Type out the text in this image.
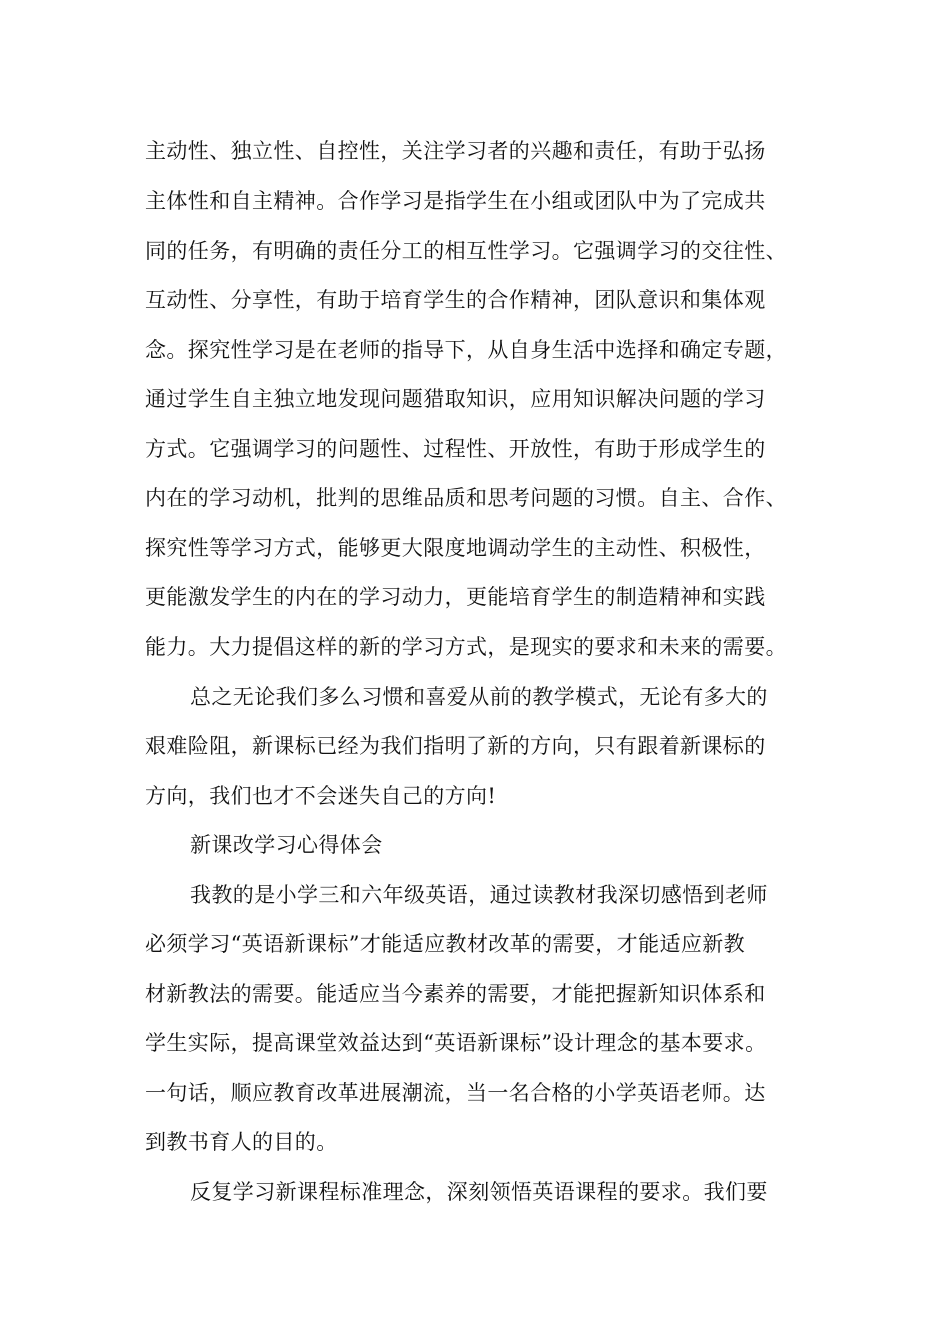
主动性、独立性、自控性，关注学习者的兴趣和责任，有助于弘扬
主体性和自主精神。合作学习是指学生在小组或团队中为了完成共
同的任务，有明确的责任分工的相互性学习。它强调学习的交往性、
互动性、分享性，有助于培育学生的合作精神，团队意识和集体观
念。探究性学习是在老师的指导下，从自身生活中选择和确定专题，
通过学生自主独立地发现问题猎取知识，应用知识解决问题的学习
方式。它强调学习的问题性、过程性、开放性，有助于形成学生的
内在的学习动机，批判的思维品质和思考问题的习惯。自主、合作、
探究性等学习方式，能够更大限度地调动学生的主动性、积极性，
更能激发学生的内在的学习动力，更能培育学生的制造精神和实践
能力。大力提倡这样的新的学习方式，是现实的要求和未来的需要。
总之无论我们多么习惯和喜爱从前的教学模式，无论有多大的
艰难险阻，新课标已经为我们指明了新的方向，只有跟着新课标的
方向，我们也才不会迷失自己的方向!
新课改学习心得体会
我教的是小学三和六年级英语，通过读教材我深切感悟到老师
必须学习“英语新课标”才能适应教材改革的需要，才能适应新教
材新教法的需要。能适应当今素养的需要，才能把握新知识体系和
学生实际，提高课堂效益达到“英语新课标”设计理念的基本要求。
一句话，顺应教育改革进展潮流，当一名合格的小学英语老师。达
到教书育人的目的。
反复学习新课程标准理念，深刻领悟英语课程的要求。我们要
